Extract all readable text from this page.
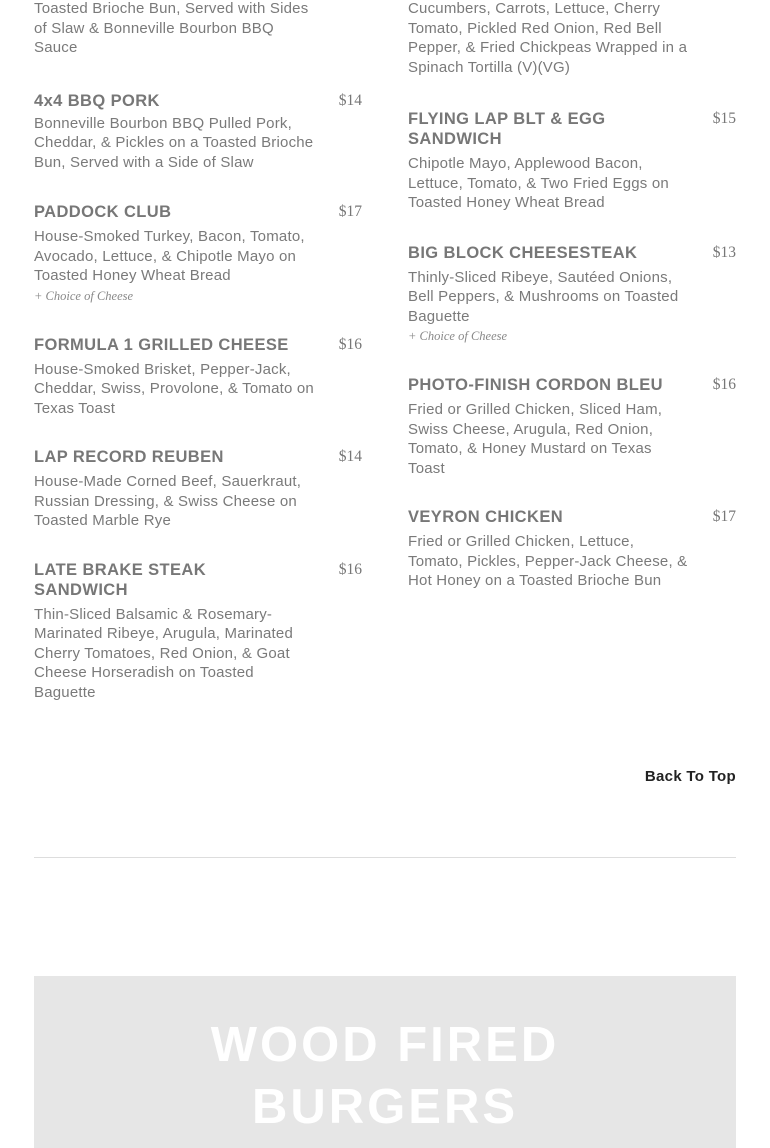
Toasted Brioche Bun, Served with Sides of Slaw & Bonneville Bourbon BBQ Sauce

4x4 BBQ PORK	$14

Bonneville Bourbon BBQ Pulled Pork, Cheddar, & Pickles on a Toasted Brioche Bun, Served with a Side of Slaw

PADDOCK CLUB	$17

House-Smoked Turkey, Bacon, Tomato, Avocado, Lettuce, & Chipotle Mayo on Toasted Honey Wheat Bread

+ Choice of Cheese

FORMULA 1 GRILLED CHEESE	$16

House-Smoked Brisket, Pepper-Jack, Cheddar, Swiss, Provolone, & Tomato on Texas Toast

LAP RECORD REUBEN	$14

House-Made Corned Beef, Sauerkraut, Russian Dressing, & Swiss Cheese on Toasted Marble Rye

LATE BRAKE STEAK SANDWICH
$16

Thin-Sliced Balsamic & Rosemary-Marinated Ribeye, Arugula, Marinated Cherry Tomatoes, Red Onion, & Goat Cheese Horseradish on Toasted Baguette

Cucumbers, Carrots, Lettuce, Cherry Tomato, Pickled Red Onion, Red Bell Pepper, & Fried Chickpeas Wrapped in a Spinach Tortilla (V)(VG)

FLYING LAP BLT & EGG SANDWICH
$15

Chipotle Mayo, Applewood Bacon, Lettuce, Tomato, & Two Fried Eggs on Toasted Honey Wheat Bread

BIG BLOCK CHEESESTEAK	$13

Thinly-Sliced Ribeye, Sautéed Onions, Bell Peppers, & Mushrooms on Toasted Baguette

+ Choice of Cheese

PHOTO-FINISH CORDON BLEU	$16

Fried or Grilled Chicken, Sliced Ham, Swiss Cheese, Arugula, Red Onion, Tomato, & Honey Mustard on Texas Toast

VEYRON CHICKEN	$17

Fried or Grilled Chicken, Lettuce, Tomato, Pickles, Pepper-Jack Cheese, & Hot Honey on a Toasted Brioche Bun

Back To Top
WOOD FIRED
BURGERS
